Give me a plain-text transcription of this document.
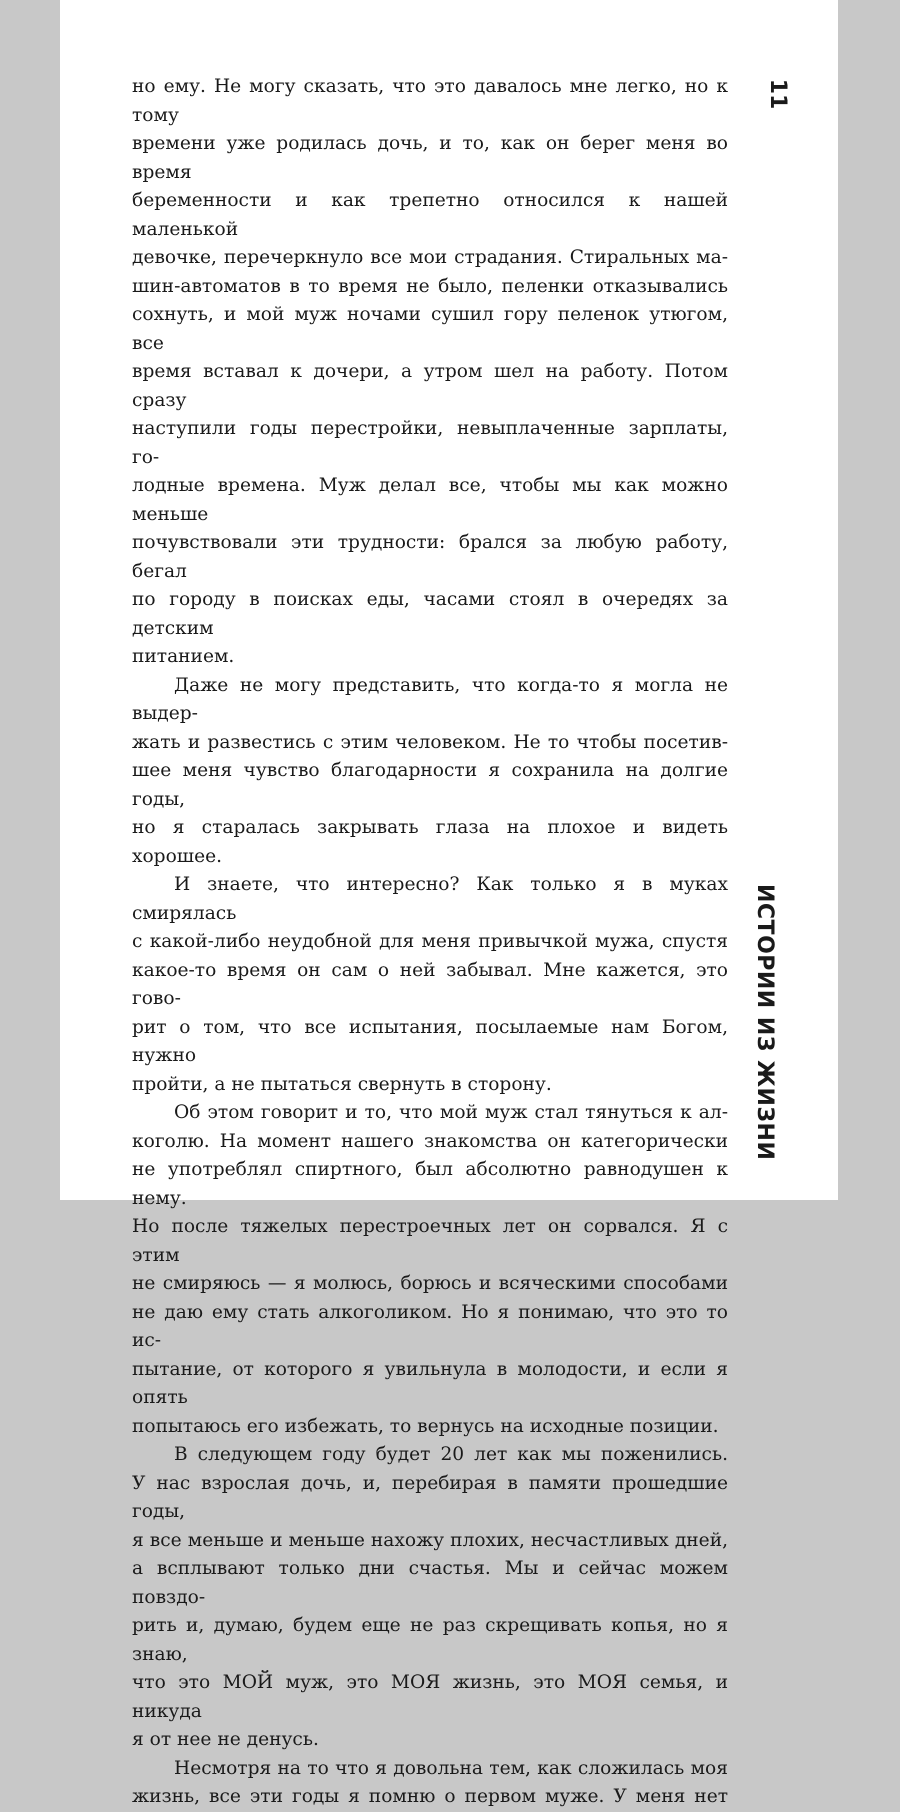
но ему. Не могу сказать, что это давалось мне легко, но к тому

времени уже родилась дочь, и то, как он берег меня во время

беременности и как трепетно относился к нашей маленькой

девочке, перечеркнуло все мои страдания. Стиральных ма-

шин-автоматов в то время не было, пеленки отказывались

сохнуть, и мой муж ночами сушил гору пеленок утюгом, все

время вставал к дочери, а утром шел на работу. Потом сразу

наступили годы перестройки, невыплаченные зарплаты, го-

лодные времена. Муж делал все, чтобы мы как можно меньше

почувствовали эти трудности: брался за любую работу, бегал

по городу в поисках еды, часами стоял в очередях за детским

питанием.

Даже не могу представить, что когда-то я могла не выдер-

жать и развестись с этим человеком. Не то чтобы посетив-

шее меня чувство благодарности я сохранила на долгие годы,

но я старалась закрывать глаза на плохое и видеть хорошее.

И знаете, что интересно? Как только я в муках смирялась

с какой-либо неудобной для меня привычкой мужа, спустя

какое-то время он сам о ней забывал. Мне кажется, это гово-

рит о том, что все испытания, посылаемые нам Богом, нужно

пройти, а не пытаться свернуть в сторону.

Об этом говорит и то, что мой муж стал тянуться к ал-

коголю. На момент нашего знакомства он категорически

не употреблял спиртного, был абсолютно равнодушен к нему.

Но после тяжелых перестроечных лет он сорвался. Я с этим

не смиряюсь — я молюсь, борюсь и всяческими способами

не даю ему стать алкоголиком. Но я понимаю, что это то ис-

пытание, от которого я увильнула в молодости, и если я опять

попытаюсь его избежать, то вернусь на исходные позиции.

В следующем году будет 20 лет как мы поженились.

У нас взрослая дочь, и, перебирая в памяти прошедшие годы,

я все меньше и меньше нахожу плохих, несчастливых дней,

а всплывают только дни счастья. Мы и сейчас можем повздо-

рить и, думаю, будем еще не раз скрещивать копья, но я знаю,

что это МОЙ муж, это МОЯ жизнь, это МОЯ семья, и никуда

я от нее не денусь.

Несмотря на то что я довольна тем, как сложилась моя

жизнь, все эти годы я помню о первом муже. У меня нет

11
ИСТОРИИ ИЗ ЖИЗНИ
